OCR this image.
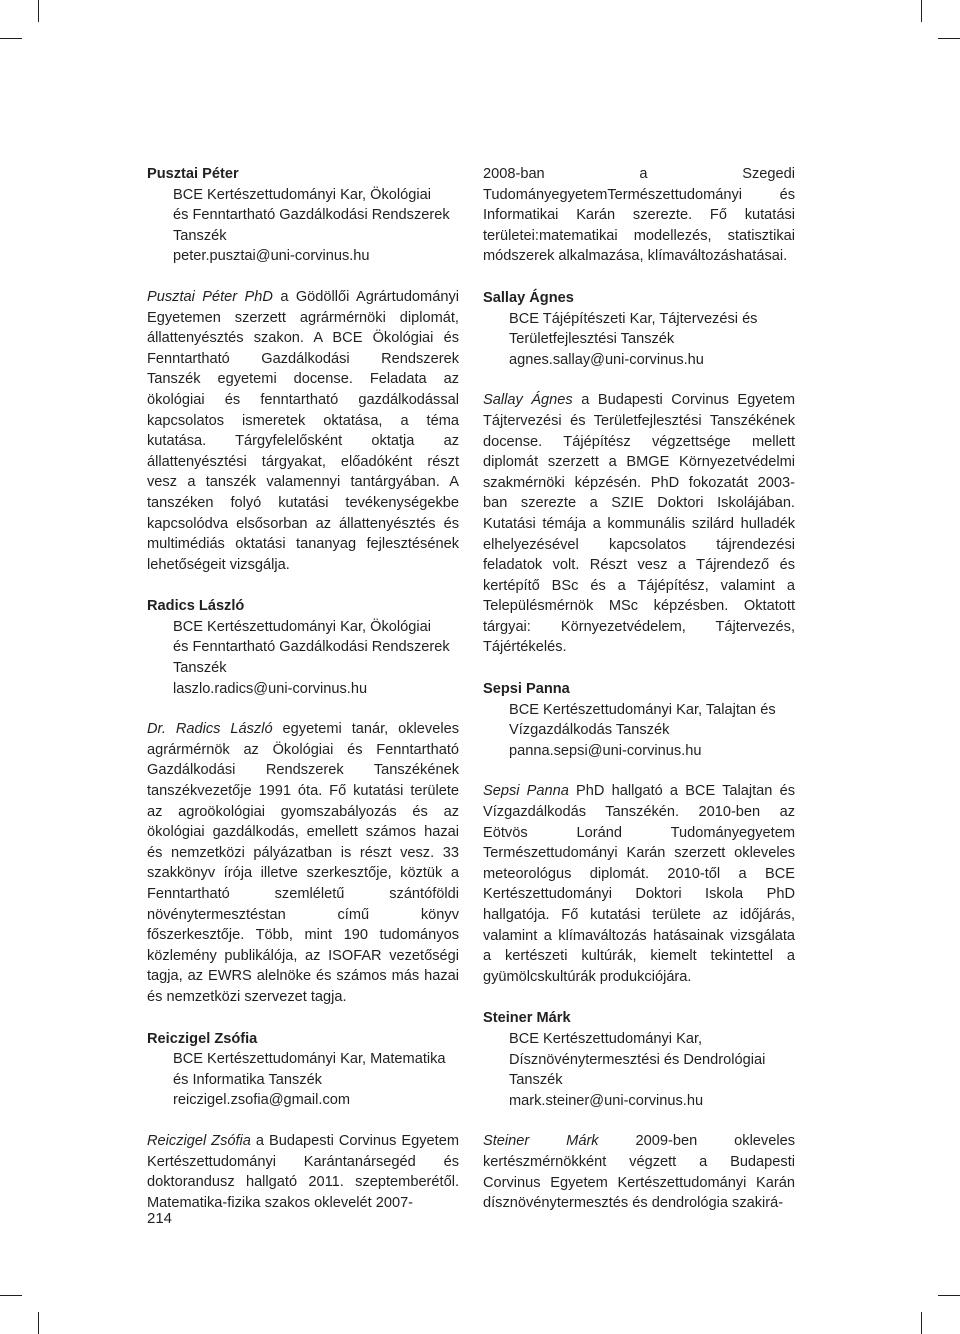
Pusztai Péter

BCE Kertészettudományi Kar, Ökológiai
és Fenntartható Gazdálkodási Rendszerek
Tanszék
peter.pusztai@uni-corvinus.hu

Pusztai Péter PhD a Gödöllői Agrártudományi Egyetemen szerzett agrármérnöki diplomát, állattenyésztés szakon. A BCE Ökológiai és Fenntartható Gazdálkodási Rendszerek Tanszék egyetemi docense. Feladata az ökológiai és fenntartható gazdálkodással kapcsolatos ismeretek oktatása, a téma kutatása. Tárgyfelelősként oktatja az állattenyésztési tárgyakat, előadóként részt vesz a tanszék valamennyi tantárgyában. A tanszéken folyó kutatási tevékenységekbe kapcsolódva elsősorban az állattenyésztés és multimédiás oktatási tananyag fejlesztésének lehetőségeit vizsgálja.

Radics László

BCE Kertészettudományi Kar, Ökológiai
és Fenntartható Gazdálkodási Rendszerek
Tanszék
laszlo.radics@uni-corvinus.hu

Dr. Radics László egyetemi tanár, okleveles agrármérnök az Ökológiai és Fenntartható Gazdálkodási Rendszerek Tanszékének tanszékvezetője 1991 óta. Fő kutatási területe az agroökológiai gyomszabályozás és az ökológiai gazdálkodás, emellett számos hazai és nemzetközi pályázatban is részt vesz. 33 szakkönyv írója illetve szerkesztője, köztük a Fenntartható szemléletű szántóföldi növénytermesztéstan című könyv főszerkesztője. Több, mint 190 tudományos közlemény publikálója, az ISOFAR vezetőségi tagja, az EWRS alelnöke és számos más hazai és nemzetközi szervezet tagja.

Reiczigel Zsófia

BCE Kertészettudományi Kar, Matematika
és Informatika Tanszék
reiczigel.zsofia@gmail.com

Reiczigel Zsófia a Budapesti Corvinus Egyetem Kertészettudományi Karántanársegéd és doktorandusz hallgató 2011. szeptemberétől. Matematika-fizika szakos oklevelét 2007-

2008-ban a Szegedi TudományegyetemTermészettudományi és Informatikai Karán szerezte. Fő kutatási területei:matematikai modellezés, statisztikai módszerek alkalmazása, klímaváltozáshatásai.

Sallay Ágnes

BCE Tájépítészeti Kar, Tájtervezési és
Területfejlesztési Tanszék
agnes.sallay@uni-corvinus.hu

Sallay Ágnes a Budapesti Corvinus Egyetem Tájtervezési és Területfejlesztési Tanszékének docense. Tájépítész végzettsége mellett diplomát szerzett a BMGE Környezetvédelmi szakmérnöki képzésén. PhD fokozatát 2003-ban szerezte a SZIE Doktori Iskolájában. Kutatási témája a kommunális szilárd hulladék elhelyezésével kapcsolatos tájrendezési feladatok volt. Részt vesz a Tájrendező és kertépítő BSc és a Tájépítész, valamint a Településmérnök MSc képzésben. Oktatott tárgyai: Környezetvédelem, Tájtervezés, Tájértékelés.

Sepsi Panna

BCE Kertészettudományi Kar, Talajtan és
Vízgazdálkodás Tanszék
panna.sepsi@uni-corvinus.hu

Sepsi Panna PhD hallgató a BCE Talajtan és Vízgazdálkodás Tanszékén. 2010-ben az Eötvös Loránd Tudományegyetem Természettudományi Karán szerzett okleveles meteorológus diplomát. 2010-től a BCE Kertészettudományi Doktori Iskola PhD hallgatója. Fő kutatási területe az időjárás, valamint a klímaváltozás hatásainak vizsgálata a kertészeti kultúrák, kiemelt tekintettel a gyümölcskultúrák produkciójára.

Steiner Márk

BCE Kertészettudományi Kar,
Dísznövénytermesztési és Dendrológiai
Tanszék
mark.steiner@uni-corvinus.hu

Steiner Márk 2009-ben okleveles kertészmérnökként végzett a Budapesti Corvinus Egyetem Kertészettudományi Karán dísznövénytermesztés és dendrológia szakirá-

214
